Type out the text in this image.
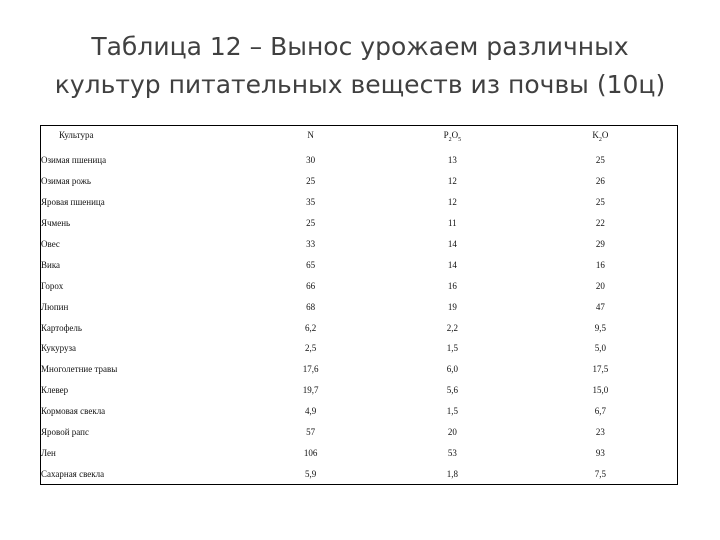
Таблица 12 – Вынос урожаем различных
культур питательных веществ из почвы (10ц)
Культура	N	$P_2O_5$	$K_2O$
Озимая пшеница	30	13	25
Озимая рожь	25	12	26
Яровая пшеница	35	12	25
Ячмень	25	11	22
Овес	33	14	29
Вика	65	14	16
Горох	66	16	20
Люпин	68	19	47
Картофель	6,2	2,2	9,5
Кукуруза	2,5	1,5	5,0
Многолетние травы	17,6	6,0	17,5
Клевер	19,7	5,6	15,0
Кормовая свекла	4,9	1,5	6,7
Яровой рапс	57	20	23
Лен	106	53	93
Сахарная свекла	5,9	1,8	7,5
